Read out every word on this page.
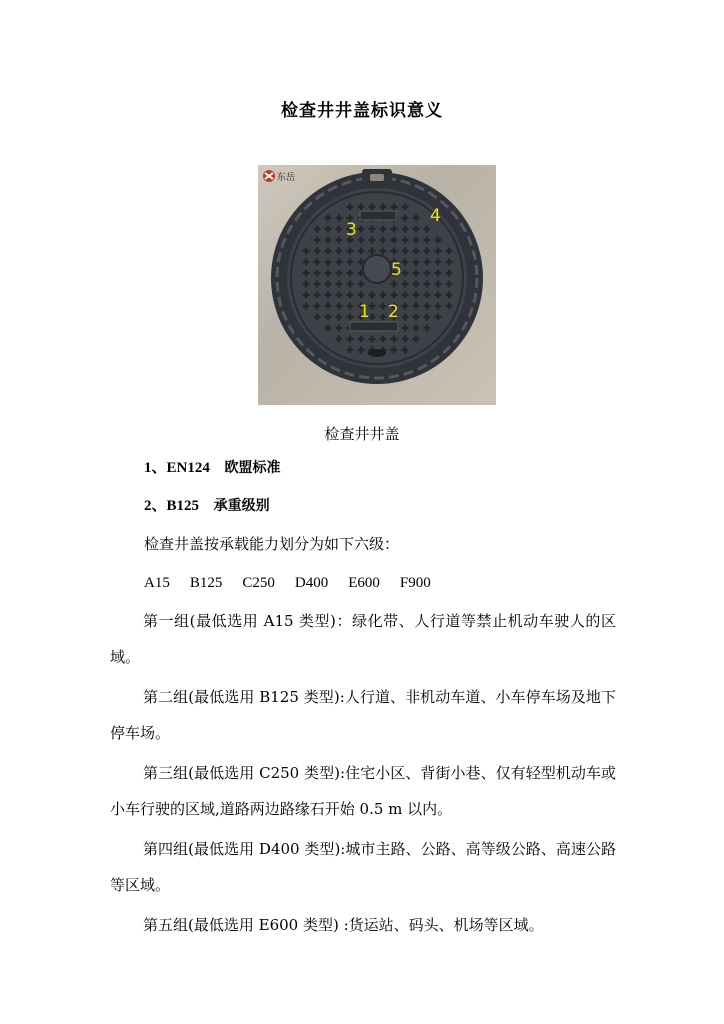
检查井井盖标识意义
东岳
3
4
5
1 2
检查井井盖
1、EN124 欧盟标准
2、B125 承重级别
检查井盖按承载能力划分为如下六级：
A15 B125 C250 D400 E600 F900
第一组(最低选用 A15 类型)：绿化带、人行道等禁止机动车驶人的区域。
第二组(最低选用 B125 类型):人行道、非机动车道、小车停车场及地下停车场。
第三组(最低选用 C250 类型):住宅小区、背街小巷、仅有轻型机动车或小车行驶的区域,道路两边路缘石开始 0.5 m 以内。
第四组(最低选用 D400 类型):城市主路、公路、高等级公路、高速公路等区域。
第五组(最低选用 E600 类型) :货运站、码头、机场等区域。
